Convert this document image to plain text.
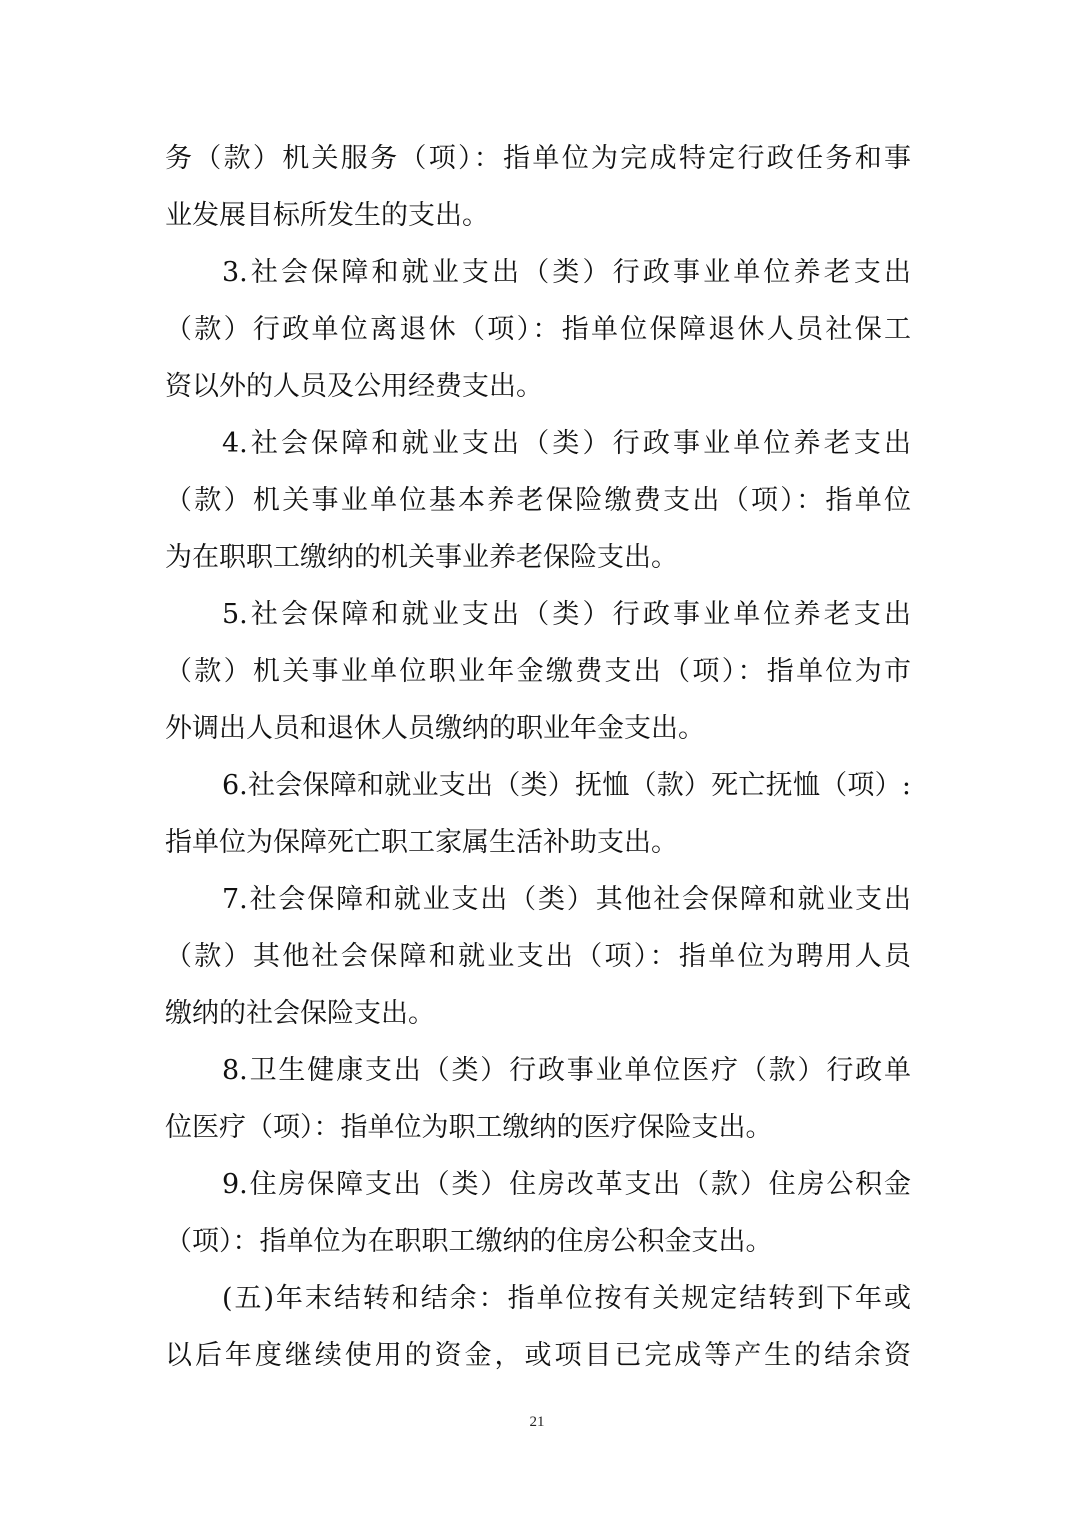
务（款）机关服务（项）：指单位为完成特定行政任务和事
业发展目标所发生的支出。
3.社会保障和就业支出（类）行政事业单位养老支出
（款）行政单位离退休（项）：指单位保障退休人员社保工
资以外的人员及公用经费支出。
4.社会保障和就业支出（类）行政事业单位养老支出
（款）机关事业单位基本养老保险缴费支出（项）：指单位
为在职职工缴纳的机关事业养老保险支出。
5.社会保障和就业支出（类）行政事业单位养老支出
（款）机关事业单位职业年金缴费支出（项）：指单位为市
外调出人员和退休人员缴纳的职业年金支出。
6.社会保障和就业支出（类）抚恤（款）死亡抚恤（项）:
指单位为保障死亡职工家属生活补助支出。
7.社会保障和就业支出（类）其他社会保障和就业支出
（款）其他社会保障和就业支出（项）：指单位为聘用人员
缴纳的社会保险支出。
8.卫生健康支出（类）行政事业单位医疗（款）行政单
位医疗（项）：指单位为职工缴纳的医疗保险支出。
9.住房保障支出（类）住房改革支出（款）住房公积金
（项）：指单位为在职职工缴纳的住房公积金支出。
(五)年末结转和结余：指单位按有关规定结转到下年或
以后年度继续使用的资金，或项目已完成等产生的结余资
21
